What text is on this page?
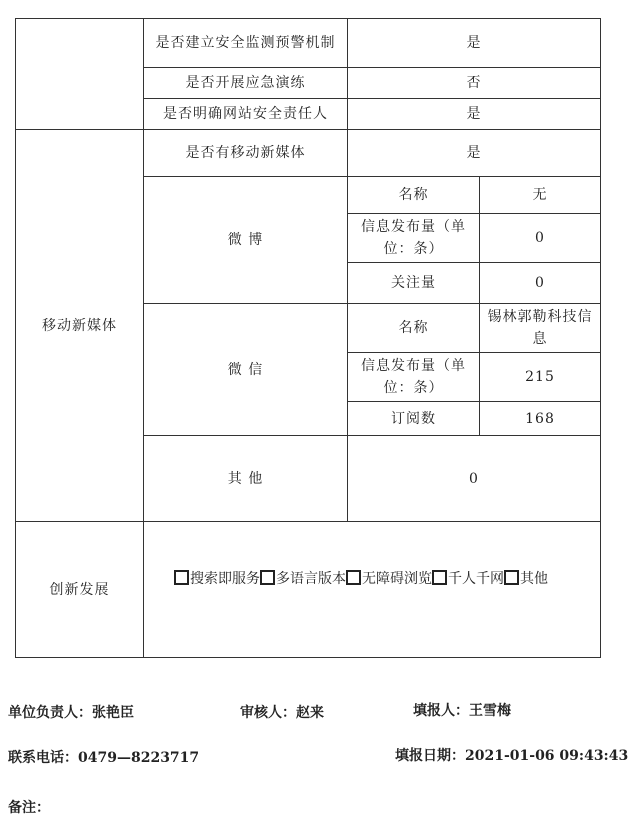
	是否建立安全监测预警机制	是	
	是否开展应急演练	否	
	是否明确网站安全责任人	是	
移动新媒体	是否有移动新媒体	是	
	微 博	名称	无
		信息发布量（单位：条）	0
		关注量	0
	微 信	名称	锡林郭勒科技信息
		信息发布量（单位：条）	215
		订阅数	168
	其 他	0	
创新发展	搜索即服务 多语言版本 无障碍浏览 千人千网 其他		
单位负责人：张艳臣	审核人：赵来	填报人：王雪梅
联系电话：0479—8223717	填报日期：2021-01-06 09:43:43
备注：
